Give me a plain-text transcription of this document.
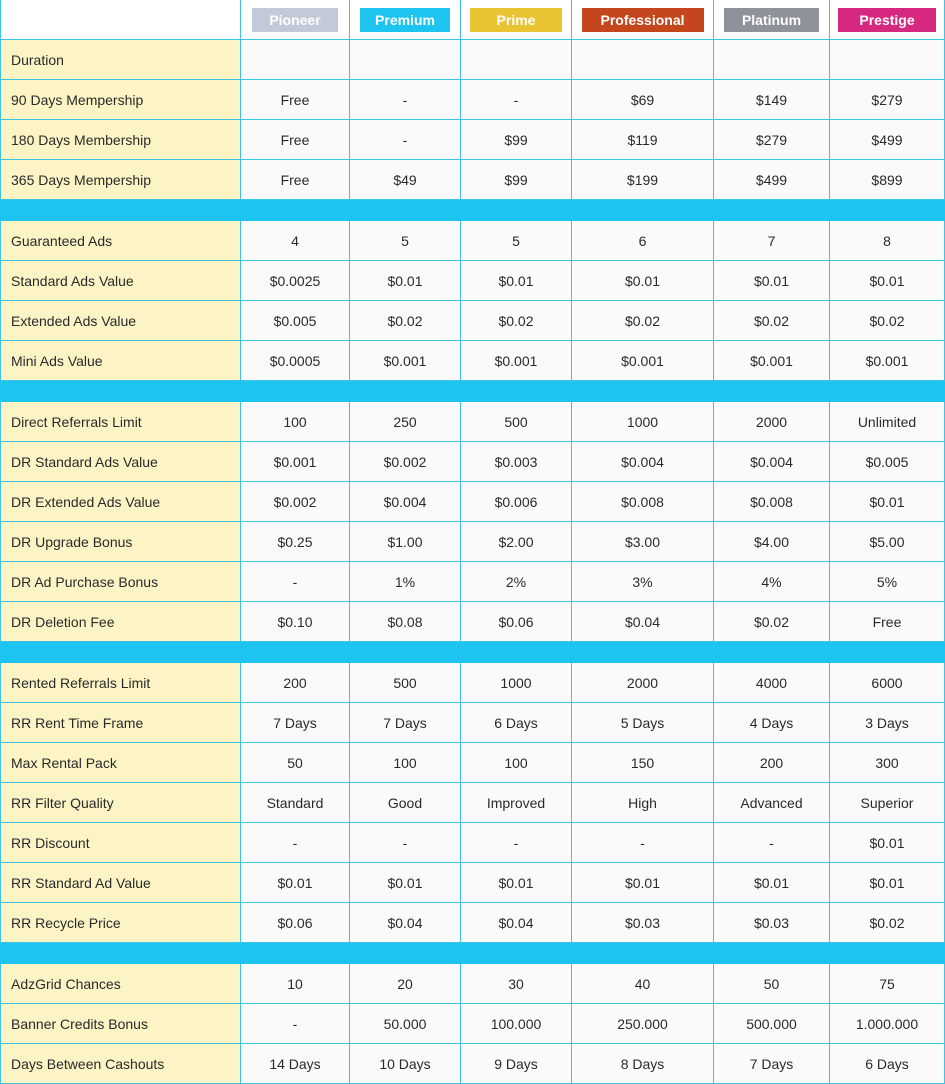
Pioneer	Premium	Prime	Professional	Platinum	Prestige
Duration
90 Days Mempership	Free	-	-	$69	$149	$279
180 Days Membership	Free	-	$99	$119	$279	$499
365 Days Mempership	Free	$49	$99	$199	$499	$899
Guaranteed Ads	4	5	5	6	7	8
Standard Ads Value	$0.0025	$0.01	$0.01	$0.01	$0.01	$0.01
Extended Ads Value	$0.005	$0.02	$0.02	$0.02	$0.02	$0.02
Mini Ads Value	$0.0005	$0.001	$0.001	$0.001	$0.001	$0.001
Direct Referrals Limit	100	250	500	1000	2000	Unlimited
DR Standard Ads Value	$0.001	$0.002	$0.003	$0.004	$0.004	$0.005
DR Extended Ads Value	$0.002	$0.004	$0.006	$0.008	$0.008	$0.01
DR Upgrade Bonus	$0.25	$1.00	$2.00	$3.00	$4.00	$5.00
DR Ad Purchase Bonus	-	1%	2%	3%	4%	5%
DR Deletion Fee	$0.10	$0.08	$0.06	$0.04	$0.02	Free
Rented Referrals Limit	200	500	1000	2000	4000	6000
RR Rent Time Frame	7 Days	7 Days	6 Days	5 Days	4 Days	3 Days
Max Rental Pack	50	100	100	150	200	300
RR Filter Quality	Standard	Good	Improved	High	Advanced	Superior
RR Discount	-	-	-	-	-	$0.01
RR Standard Ad Value	$0.01	$0.01	$0.01	$0.01	$0.01	$0.01
RR Recycle Price	$0.06	$0.04	$0.04	$0.03	$0.03	$0.02
AdzGrid Chances	10	20	30	40	50	75
Banner Credits Bonus	-	50.000	100.000	250.000	500.000	1.000.000
Days Between Cashouts	14 Days	10 Days	9 Days	8 Days	7 Days	6 Days
